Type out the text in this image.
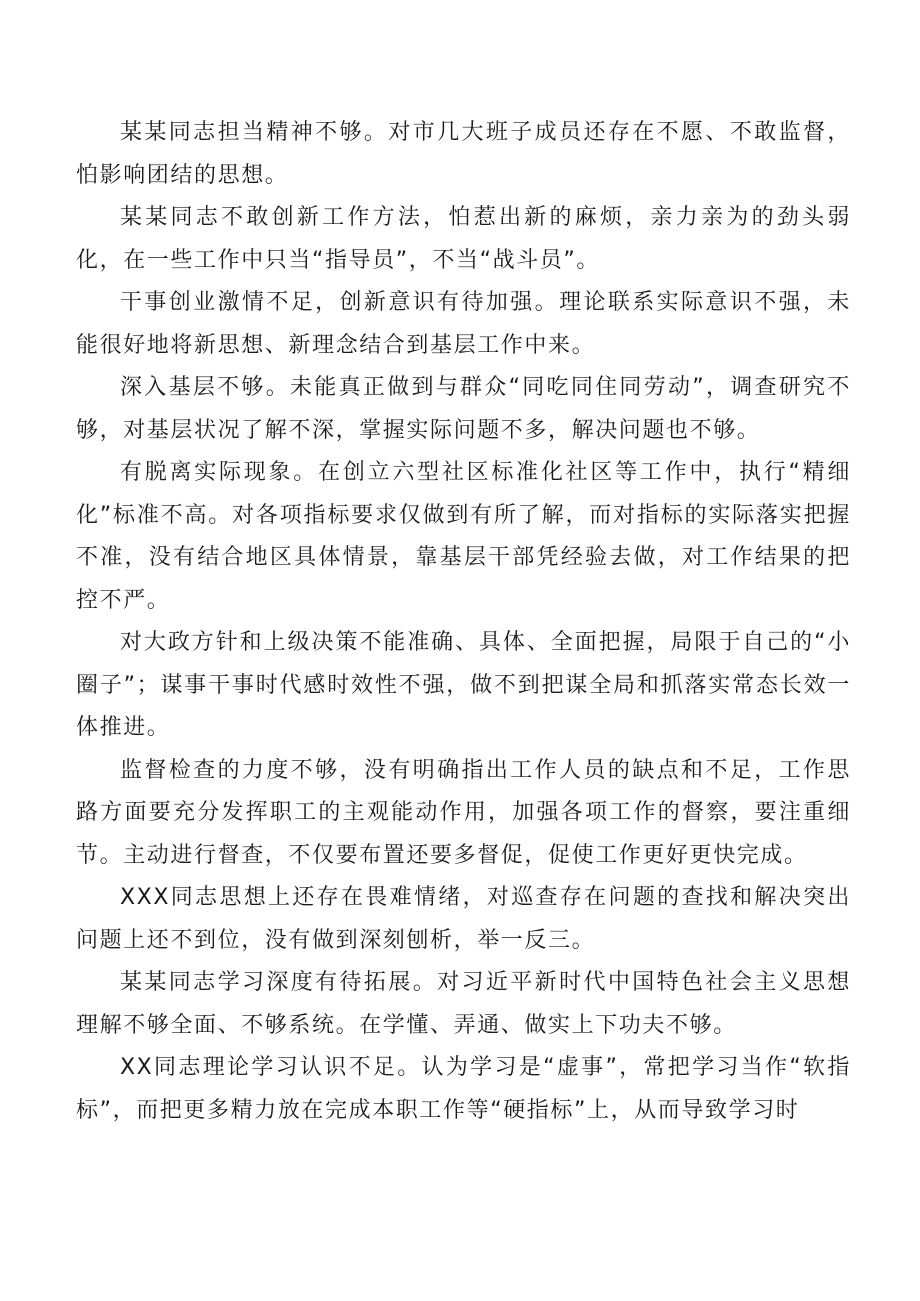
某某同志担当精神不够。对市几大班子成员还存在不愿、不敢监督，怕影响团结的思想。

某某同志不敢创新工作方法，怕惹出新的麻烦，亲力亲为的劲头弱化，在一些工作中只当“指导员”，不当“战斗员”。

干事创业激情不足，创新意识有待加强。理论联系实际意识不强，未能很好地将新思想、新理念结合到基层工作中来。

深入基层不够。未能真正做到与群众“同吃同住同劳动”，调查研究不够，对基层状况了解不深，掌握实际问题不多，解决问题也不够。

有脱离实际现象。在创立六型社区标准化社区等工作中，执行“精细化”标准不高。对各项指标要求仅做到有所了解，而对指标的实际落实把握不准，没有结合地区具体情景，靠基层干部凭经验去做，对工作结果的把控不严。

对大政方针和上级决策不能准确、具体、全面把握，局限于自己的“小圈子”；谋事干事时代感时效性不强，做不到把谋全局和抓落实常态长效一体推进。

监督检查的力度不够，没有明确指出工作人员的缺点和不足，工作思路方面要充分发挥职工的主观能动作用，加强各项工作的督察，要注重细节。主动进行督查，不仅要布置还要多督促，促使工作更好更快完成。

XXX同志思想上还存在畏难情绪，对巡查存在问题的查找和解决突出问题上还不到位，没有做到深刻刨析，举一反三。

某某同志学习深度有待拓展。对习近平新时代中国特色社会主义思想理解不够全面、不够系统。在学懂、弄通、做实上下功夫不够。

XX同志理论学习认识不足。认为学习是“虚事”，常把学习当作“软指标”，而把更多精力放在完成本职工作等“硬指标”上，从而导致学习时
